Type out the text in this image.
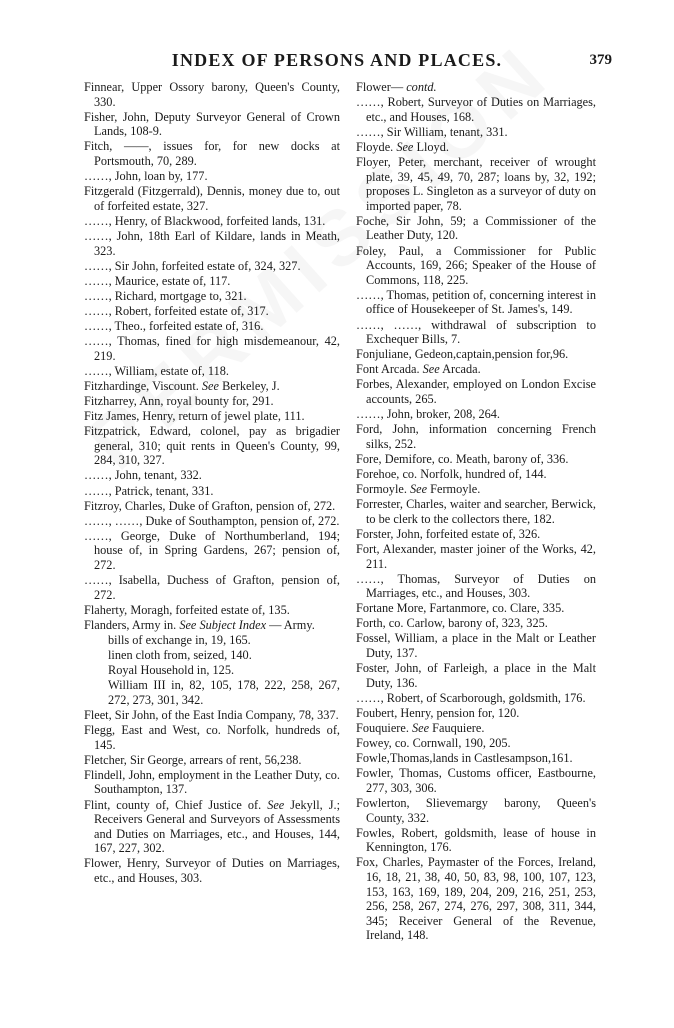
INDEX OF PERSONS AND PLACES.	379
Finnear, Upper Ossory barony, Queen's County, 330.
Fisher, John, Deputy Surveyor General of Crown Lands, 108-9.
Fitch, ——, issues for, for new docks at Portsmouth, 70, 289.
……, John, loan by, 177.
Fitzgerald (Fitzgerrald), Dennis, money due to, out of forfeited estate, 327.
……, Henry, of Blackwood, forfeited lands, 131.
……, John, 18th Earl of Kildare, lands in Meath, 323.
……, Sir John, forfeited estate of, 324, 327.
……, Maurice, estate of, 117.
……, Richard, mortgage to, 321.
……, Robert, forfeited estate of, 317.
……, Theo., forfeited estate of, 316.
……, Thomas, fined for high misdemeanour, 42, 219.
……, William, estate of, 118.
Fitzhardinge, Viscount. See Berkeley, J.
Fitzharrey, Ann, royal bounty for, 291.
Fitz James, Henry, return of jewel plate, 111.
Fitzpatrick, Edward, colonel, pay as brigadier general, 310; quit rents in Queen's County, 99, 284, 310, 327.
……, John, tenant, 332.
……, Patrick, tenant, 331.
Fitzroy, Charles, Duke of Grafton, pension of, 272.
……, ……, Duke of Southampton, pension of, 272.
……, George, Duke of Northumberland, 194; house of, in Spring Gardens, 267; pension of, 272.
……, Isabella, Duchess of Grafton, pension of, 272.
Flaherty, Moragh, forfeited estate of, 135.
Flanders, Army in. See Subject Index — Army.
bills of exchange in, 19, 165.
linen cloth from, seized, 140.
Royal Household in, 125.
William III in, 82, 105, 178, 222, 258, 267, 272, 273, 301, 342.
Fleet, Sir John, of the East India Company, 78, 337.
Flegg, East and West, co. Norfolk, hundreds of, 145.
Fletcher, Sir George, arrears of rent, 56,238.
Flindell, John, employment in the Leather Duty, co. Southampton, 137.
Flint, county of, Chief Justice of. See Jekyll, J.; Receivers General and Surveyors of Assessments and Duties on Marriages, etc., and Houses, 144, 167, 227, 302.
Flower, Henry, Surveyor of Duties on Marriages, etc., and Houses, 303.
Flower— contd.
……, Robert, Surveyor of Duties on Marriages, etc., and Houses, 168.
……, Sir William, tenant, 331.
Floyde. See Lloyd.
Floyer, Peter, merchant, receiver of wrought plate, 39, 45, 49, 70, 287; loans by, 32, 192; proposes L. Singleton as a surveyor of duty on imported paper, 78.
Foche, Sir John, 59; a Commissioner of the Leather Duty, 120.
Foley, Paul, a Commissioner for Public Accounts, 169, 266; Speaker of the House of Commons, 118, 225.
……, Thomas, petition of, concerning interest in office of Housekeeper of St. James's, 149.
……, ……, withdrawal of subscription to Exchequer Bills, 7.
Fonjuliane, Gedeon,captain,pension for,96.
Font Arcada. See Arcada.
Forbes, Alexander, employed on London Excise accounts, 265.
……, John, broker, 208, 264.
Ford, John, information concerning French silks, 252.
Fore, Demifore, co. Meath, barony of, 336.
Forehoe, co. Norfolk, hundred of, 144.
Formoyle. See Fermoyle.
Forrester, Charles, waiter and searcher, Berwick, to be clerk to the collectors there, 182.
Forster, John, forfeited estate of, 326.
Fort, Alexander, master joiner of the Works, 42, 211.
……, Thomas, Surveyor of Duties on Marriages, etc., and Houses, 303.
Fortane More, Fartanmore, co. Clare, 335.
Forth, co. Carlow, barony of, 323, 325.
Fossel, William, a place in the Malt or Leather Duty, 137.
Foster, John, of Farleigh, a place in the Malt Duty, 136.
……, Robert, of Scarborough, goldsmith, 176.
Foubert, Henry, pension for, 120.
Fouquiere. See Fauquiere.
Fowey, co. Cornwall, 190, 205.
Fowle,Thomas,lands in Castlesampson,161.
Fowler, Thomas, Customs officer, Eastbourne, 277, 303, 306.
Fowlerton, Slievemargy barony, Queen's County, 332.
Fowles, Robert, goldsmith, lease of house in Kennington, 176.
Fox, Charles, Paymaster of the Forces, Ireland, 16, 18, 21, 38, 40, 50, 83, 98, 100, 107, 123, 153, 163, 169, 189, 204, 209, 216, 251, 253, 256, 258, 267, 274, 276, 297, 308, 311, 344, 345; Receiver General of the Revenue, Ireland, 148.
